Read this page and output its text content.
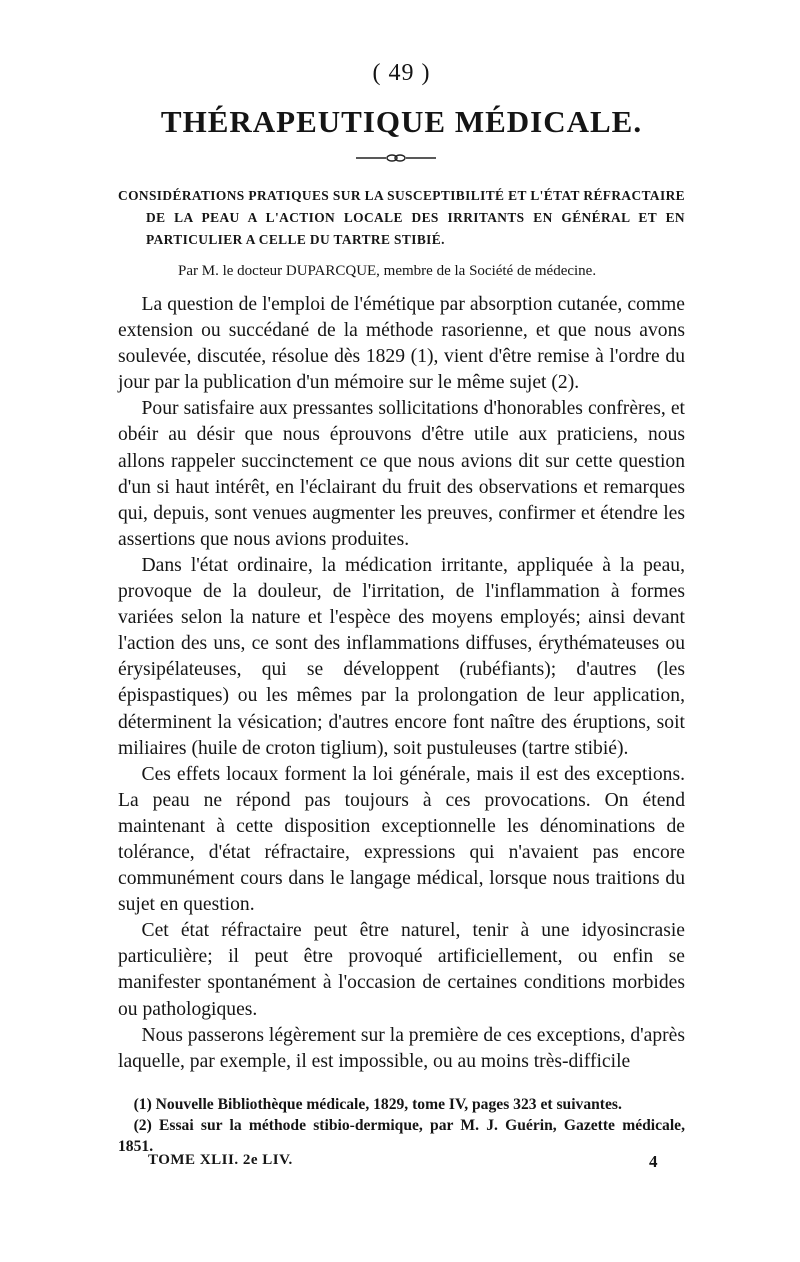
( 49 )
THÉRAPEUTIQUE MÉDICALE.
CONSIDÉRATIONS PRATIQUES SUR LA SUSCEPTIBILITÉ ET L'ÉTAT RÉFRACTAIRE
DE LA PEAU A L'ACTION LOCALE DES IRRITANTS EN GÉNÉRAL ET EN
PARTICULIER A CELLE DU TARTRE STIBIÉ.
Par M. le docteur DUPARCQUE, membre de la Société de médecine.

La question de l'emploi de l'émétique par absorption cutanée, comme extension ou succédané de la méthode rasorienne, et que nous avons soulevée, discutée, résolue dès 1829 (1), vient d'être remise à l'ordre du jour par la publication d'un mémoire sur le même sujet (2).

Pour satisfaire aux pressantes sollicitations d'honorables confrères, et obéir au désir que nous éprouvons d'être utile aux praticiens, nous allons rappeler succinctement ce que nous avions dit sur cette question d'un si haut intérêt, en l'éclairant du fruit des observations et remarques qui, depuis, sont venues augmenter les preuves, confirmer et étendre les assertions que nous avions produites.

Dans l'état ordinaire, la médication irritante, appliquée à la peau, provoque de la douleur, de l'irritation, de l'inflammation à formes variées selon la nature et l'espèce des moyens employés; ainsi devant l'action des uns, ce sont des inflammations diffuses, érythémateuses ou érysipélateuses, qui se développent (rubéfiants); d'autres (les épispastiques) ou les mêmes par la prolongation de leur application, déterminent la vésication; d'autres encore font naître des éruptions, soit miliaires (huile de croton tiglium), soit pustuleuses (tartre stibié).

Ces effets locaux forment la loi générale, mais il est des exceptions. La peau ne répond pas toujours à ces provocations. On étend maintenant à cette disposition exceptionnelle les dénominations de tolérance, d'état réfractaire, expressions qui n'avaient pas encore communément cours dans le langage médical, lorsque nous traitions du sujet en question.

Cet état réfractaire peut être naturel, tenir à une idyosincrasie particulière; il peut être provoqué artificiellement, ou enfin se manifester spontanément à l'occasion de certaines conditions morbides ou pathologiques.

Nous passerons légèrement sur la première de ces exceptions, d'après laquelle, par exemple, il est impossible, ou au moins très-difficile

(1) Nouvelle Bibliothèque médicale, 1829, tome IV, pages 323 et suivantes.

(2) Essai sur la méthode stibio-dermique, par M. J. Guérin, Gazette médicale, 1851.

TOME XLII. 2e LIV.	4
